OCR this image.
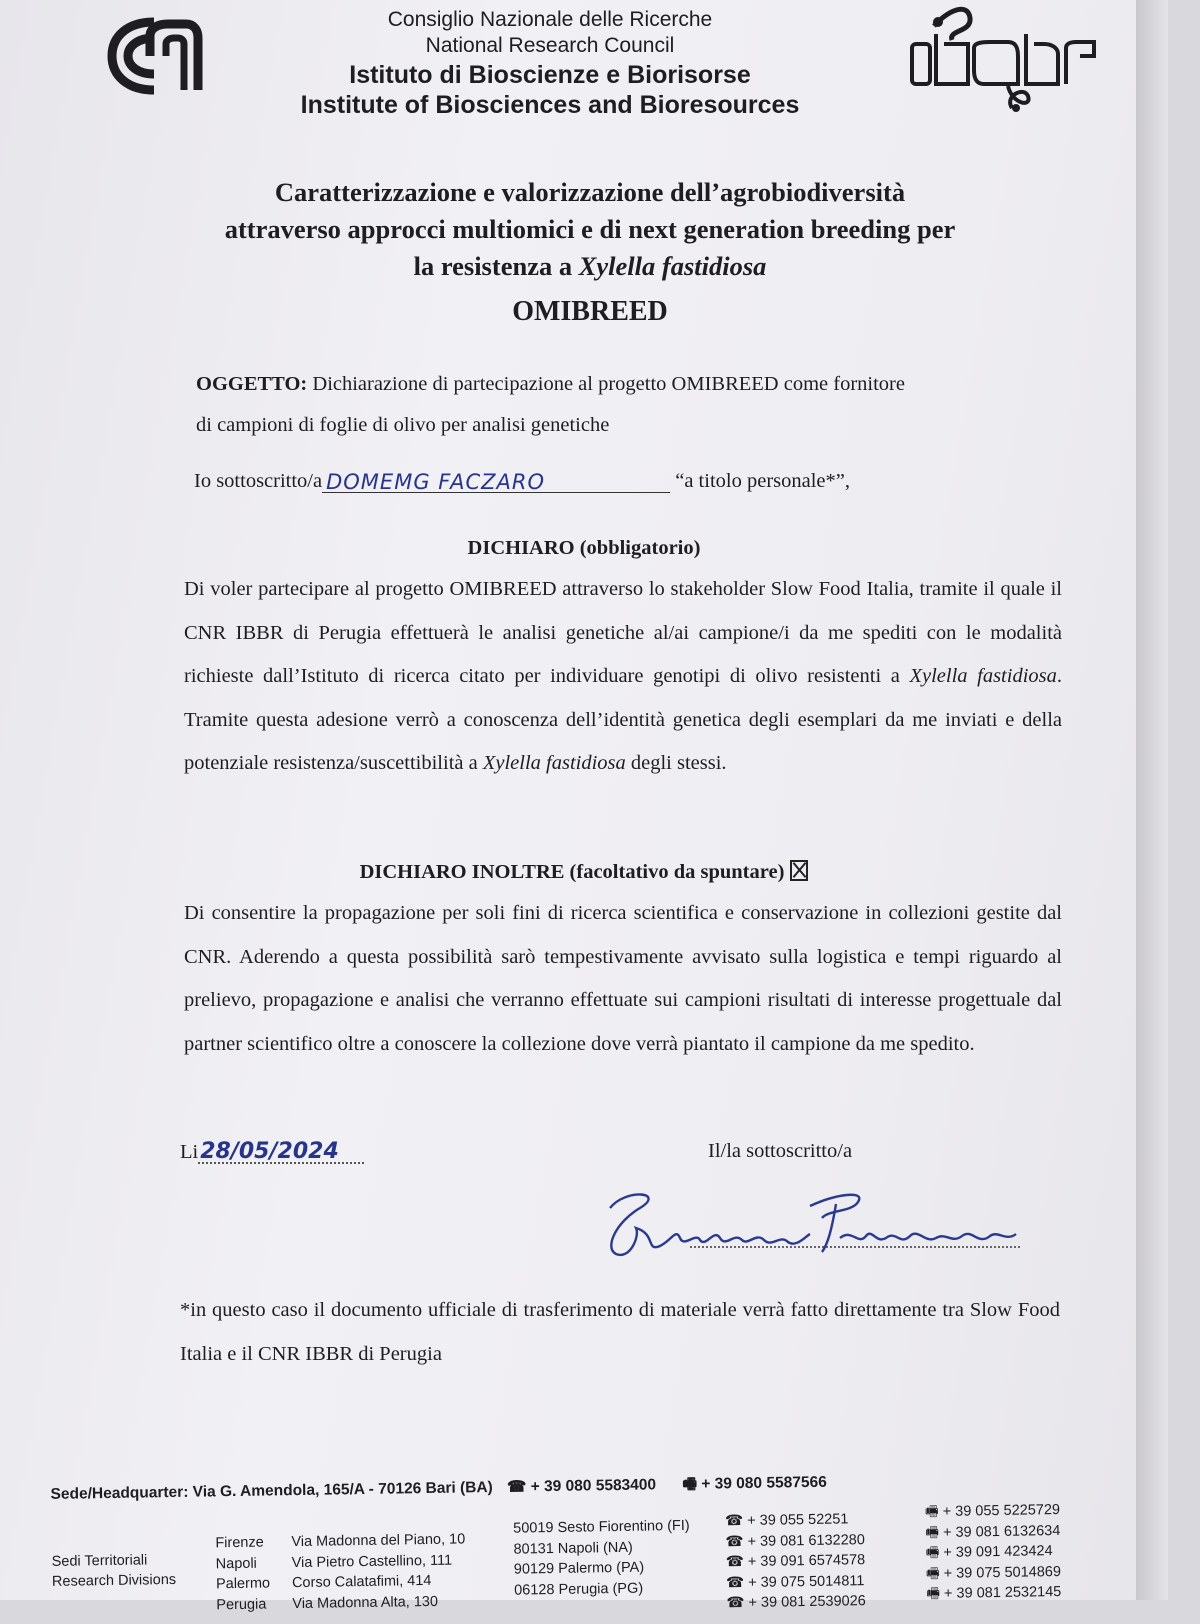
Consiglio Nazionale delle Ricerche

National Research Council

Istituto di Bioscienze e Biorisorse

Institute of Biosciences and Bioresources

Caratterizzazione e valorizzazione dell’agrobiodiversità
attraverso approcci multiomici e di next generation breeding per
la resistenza a Xylella fastidiosa

OMIBREED

OGGETTO: Dichiarazione di partecipazione al progetto OMIBREED come fornitore
di campioni di foglie di olivo per analisi genetiche
Io sottoscritto/a DOMEMG FACZARO	“a titolo personale*”,

DICHIARO (obbligatorio)

Di voler partecipare al progetto OMIBREED attraverso lo stakeholder Slow Food Italia, tramite il quale il CNR IBBR di Perugia effettuerà le analisi genetiche al/ai campione/i da me spediti con le modalità richieste dall’Istituto di ricerca citato per individuare genotipi di olivo resistenti a Xylella fastidiosa. Tramite questa adesione verrò a conoscenza dell’identità genetica degli esemplari da me inviati e della potenziale resistenza/suscettibilità a Xylella fastidiosa degli stessi.

DICHIARO INOLTRE (facoltativo da spuntare)

Di consentire la propagazione per soli fini di ricerca scientifica e conservazione in collezioni gestite dal CNR. Aderendo a questa possibilità sarò tempestivamente avvisato sulla logistica e tempi riguardo al prelievo, propagazione e analisi che verranno effettuate sui campioni risultati di interesse progettuale dal partner scientifico oltre a conoscere la collezione dove verrà piantato il campione da me spedito.

Li 28/05/2024	Il/la sottoscritto/a

*in questo caso il documento ufficiale di trasferimento di materiale verrà fatto direttamente tra Slow Food Italia e il CNR IBBR di Perugia

Sede/Headquarter: Via G. Amendola, 165/A - 70126 Bari (BA) ☎ + 39 080 5583400 🖷 + 39 080 5587566
Sedi Territoriali
Research Divisions
Firenze
Napoli
Palermo
Perugia
Via Madonna del Piano, 10
Via Pietro Castellino, 111
Corso Calatafimi, 414
Via Madonna Alta, 130
50019 Sesto Fiorentino (FI)
80131 Napoli (NA)
90129 Palermo (PA)
06128 Perugia (PG)
☎ + 39 055 52251
☎ + 39 081 6132280
☎ + 39 091 6574578
☎ + 39 075 5014811
☎ + 39 081 2539026
🖷 + 39 055 5225729
🖷 + 39 081 6132634
🖷 + 39 091 423424
🖷 + 39 075 5014869
🖷 + 39 081 2532145
